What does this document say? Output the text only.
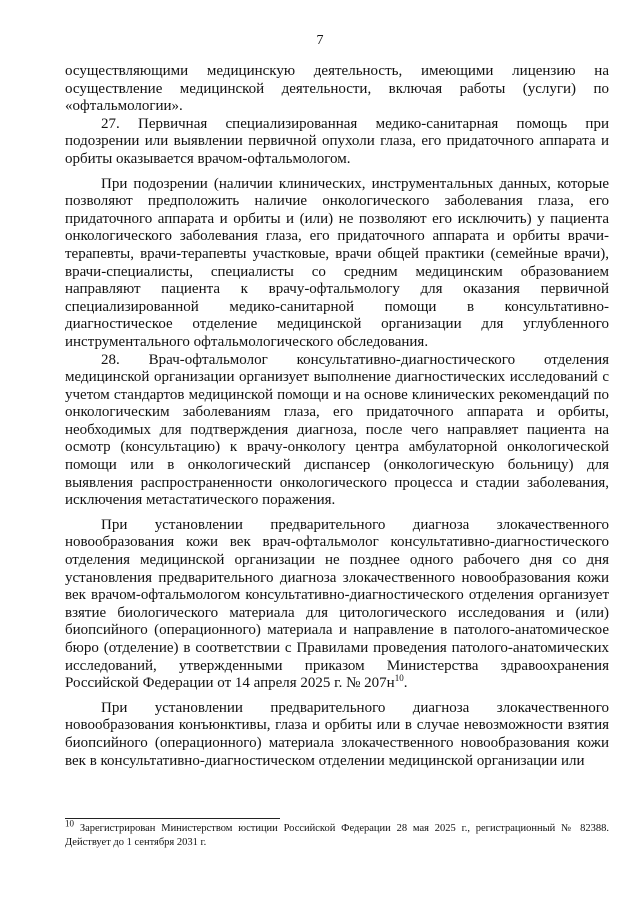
7

осуществляющими медицинскую деятельность, имеющими лицензию на осуществление медицинской деятельности, включая работы (услуги) по «офтальмологии».

27. Первичная специализированная медико-санитарная помощь при подозрении или выявлении первичной опухоли глаза, его придаточного аппарата и орбиты оказывается врачом-офтальмологом.

При подозрении (наличии клинических, инструментальных данных, которые позволяют предположить наличие онкологического заболевания глаза, его придаточного аппарата и орбиты и (или) не позволяют его исключить) у пациента онкологического заболевания глаза, его придаточного аппарата и орбиты врачи-терапевты, врачи-терапевты участковые, врачи общей практики (семейные врачи), врачи-специалисты, специалисты со средним медицинским образованием направляют пациента к врачу-офтальмологу для оказания первичной специализированной медико-санитарной помощи в консультативно-диагностическое отделение медицинской организации для углубленного инструментального офтальмологического обследования.

28. Врач-офтальмолог консультативно-диагностического отделения медицинской организации организует выполнение диагностических исследований с учетом стандартов медицинской помощи и на основе клинических рекомендаций по онкологическим заболеваниям глаза, его придаточного аппарата и орбиты, необходимых для подтверждения диагноза, после чего направляет пациента на осмотр (консультацию) к врачу-онкологу центра амбулаторной онкологической помощи или в онкологический диспансер (онкологическую больницу) для выявления распространенности онкологического процесса и стадии заболевания, исключения метастатического поражения.

При установлении предварительного диагноза злокачественного новообразования кожи век врач-офтальмолог консультативно-диагностического отделения медицинской организации не позднее одного рабочего дня со дня установления предварительного диагноза злокачественного новообразования кожи век врачом-офтальмологом консультативно-диагностического отделения организует взятие биологического материала для цитологического исследования и (или) биопсийного (операционного) материала и направление в патолого-анатомическое бюро (отделение) в соответствии с Правилами проведения патолого-анатомических исследований, утвержденными приказом Министерства здравоохранения Российской Федерации от 14 апреля 2025 г. № $207н^{10}$.

При установлении предварительного диагноза злокачественного новообразования конъюнктивы, глаза и орбиты или в случае невозможности взятия биопсийного (операционного) материала злокачественного новообразования кожи век в консультативно-диагностическом отделении медицинской организации или

$^{10}$ Зарегистрирован Министерством юстиции Российской Федерации 28 мая 2025 г., регистрационный № 82388. Действует до 1 сентября 2031 г.
